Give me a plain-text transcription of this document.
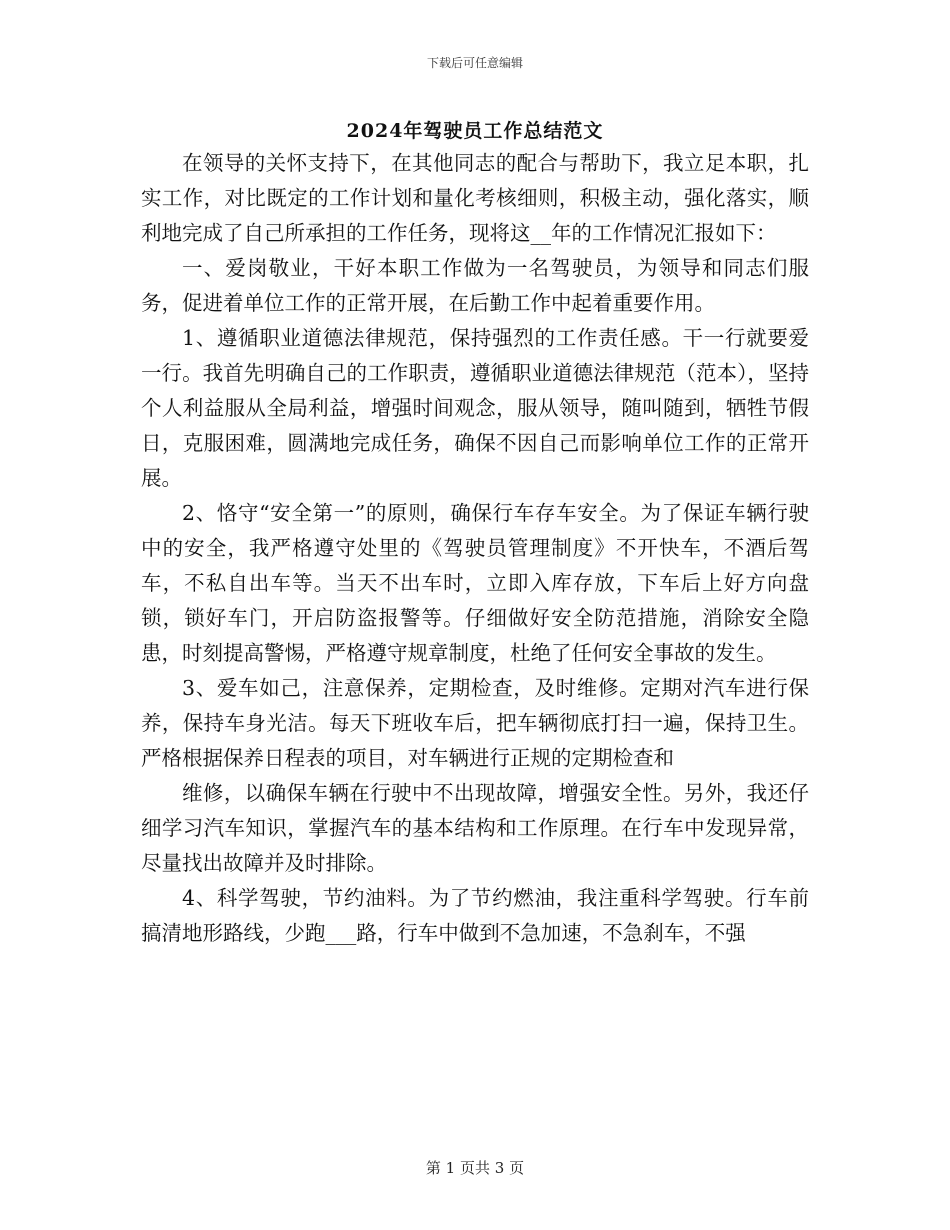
下载后可任意编辑
2024年驾驶员工作总结范文

在领导的关怀支持下，在其他同志的配合与帮助下，我立足本职，扎实工作，对比既定的工作计划和量化考核细则，积极主动，强化落实，顺利地完成了自己所承担的工作任务，现将这__年的工作情况汇报如下：

一、爱岗敬业，干好本职工作做为一名驾驶员，为领导和同志们服务，促进着单位工作的正常开展，在后勤工作中起着重要作用。

1、遵循职业道德法律规范，保持强烈的工作责任感。干一行就要爱一行。我首先明确自己的工作职责，遵循职业道德法律规范（范本），坚持个人利益服从全局利益，增强时间观念，服从领导，随叫随到，牺牲节假日，克服困难，圆满地完成任务，确保不因自己而影响单位工作的正常开展。

2、恪守“安全第一”的原则，确保行车存车安全。为了保证车辆行驶中的安全，我严格遵守处里的《驾驶员管理制度》不开快车，不酒后驾车，不私自出车等。当天不出车时，立即入库存放，下车后上好方向盘锁，锁好车门，开启防盗报警等。仔细做好安全防范措施，消除安全隐患，时刻提高警惕，严格遵守规章制度，杜绝了任何安全事故的发生。

3、爱车如己，注意保养，定期检查，及时维修。定期对汽车进行保养，保持车身光洁。每天下班收车后，把车辆彻底打扫一遍，保持卫生。严格根据保养日程表的项目，对车辆进行正规的定期检查和

维修，以确保车辆在行驶中不出现故障，增强安全性。另外，我还仔细学习汽车知识，掌握汽车的基本结构和工作原理。在行车中发现异常，尽量找出故障并及时排除。

4、科学驾驶，节约油料。为了节约燃油，我注重科学驾驶。行车前搞清地形路线，少跑___路，行车中做到不急加速，不急刹车，不强

第 1 页共 3 页
